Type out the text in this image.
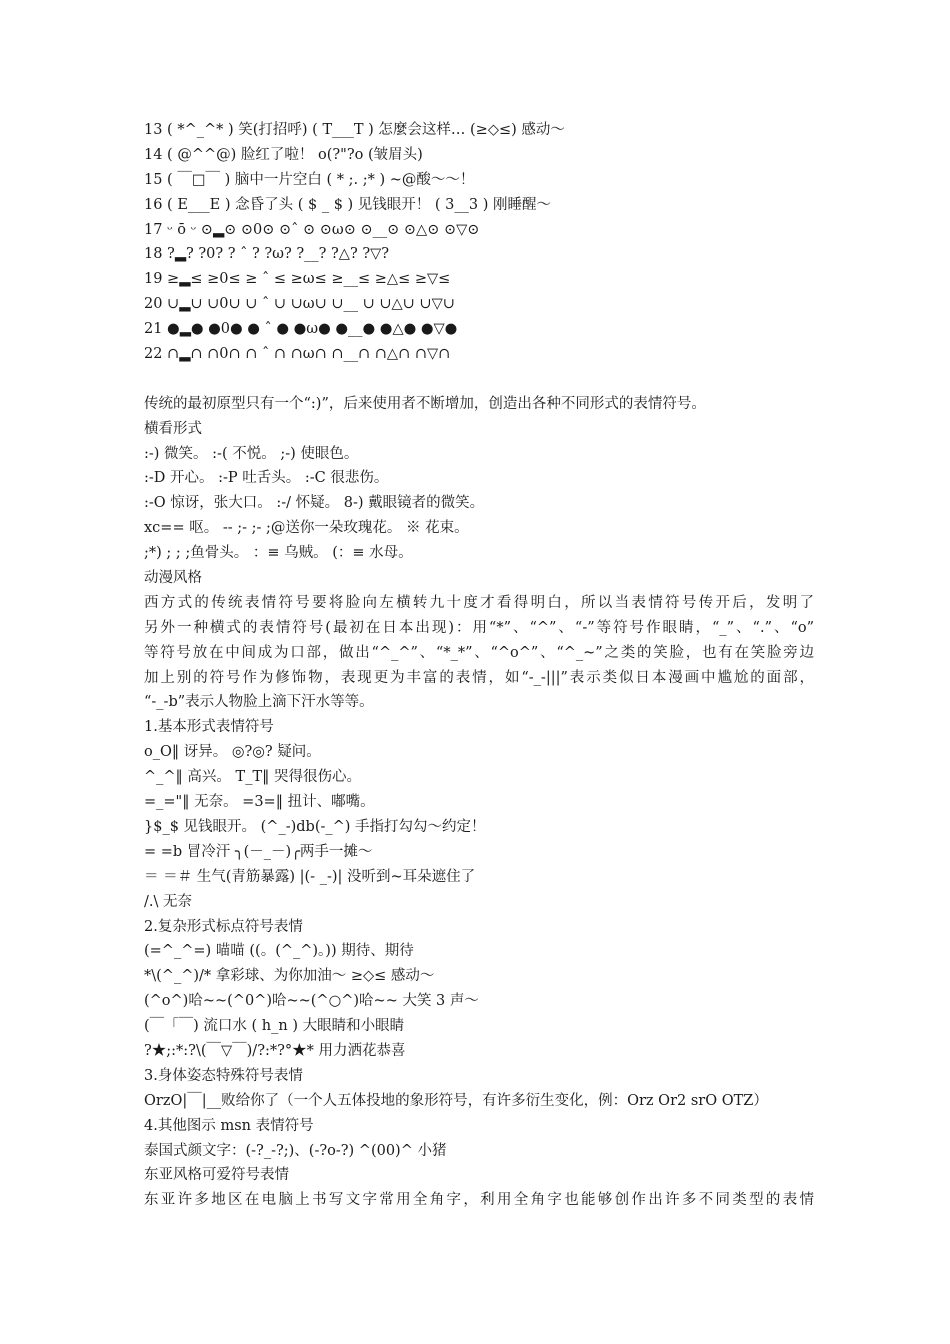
13 ( *^_^* ) 笑(打招呼) ( T___T ) 怎麼会这样… (≥◇≤) 感动～
14 ( @^^@) 脸红了啦！ o(?"?o (皱眉头)
15 ( ￣□￣ ) 脑中一片空白 ( * ;. ;* ) ~@酸～～！
16 ( E___E ) 念昏了头 ( $ _ $ ) 见钱眼开！ ( 3__3 ) 刚睡醒～
17 ᵕ ō ᵕ ⊙▂⊙ ⊙0⊙ ⊙ˆ ⊙ ⊙ω⊙ ⊙__⊙ ⊙△⊙ ⊙▽⊙
18 ?▂? ?0? ? ˆ ? ?ω? ?__? ?△? ?▽?
19 ≥▂≤ ≥0≤ ≥ ˆ ≤ ≥ω≤ ≥__≤ ≥△≤ ≥▽≤
20 ∪▂∪ ∪0∪ ∪ ˆ ∪ ∪ω∪ ∪__ ∪ ∪△∪ ∪▽∪
21 ●▂● ●0● ● ˆ ● ●ω● ●__● ●△● ●▽●
22 ∩▂∩ ∩0∩ ∩ ˆ ∩ ∩ω∩ ∩__∩ ∩△∩ ∩▽∩
传统的最初原型只有一个“:)”，后来使用者不断增加，创造出各种不同形式的表情符号。
横看形式
:-) 微笑。 :-( 不悦。 ;-) 使眼色。
:-D 开心。 :-P 吐舌头。 :-C 很悲伤。
:-O 惊讶，张大口。 :-/ 怀疑。 8-) 戴眼镜者的微笑。
xc== 呕。 -- ;- ;- ;@送你一朵玫瑰花。 ※ 花束。
;*) ; ; ;鱼骨头。 ：≡ 乌贼。 (：≡ 水母。
动漫风格
西方式的传统表情符号要将脸向左横转九十度才看得明白，所以当表情符号传开后，发明了
另外一种横式的表情符号(最初在日本出现)：用“*”、“^”、“-”等符号作眼睛，“_”、“.”、“o”
等符号放在中间成为口部，做出“^_^”、“*_*”、“^o^”、“^_~”之类的笑脸，也有在笑脸旁边
加上别的符号作为修饰物，表现更为丰富的表情，如“-_-|||”表示类似日本漫画中尴尬的面部，
“-_-b”表示人物脸上滴下汗水等等。
1.基本形式表情符号
o_O‖ 讶异。 ◎?◎? 疑问。
^_^‖ 高兴。 T_T‖ 哭得很伤心。
=_="‖ 无奈。 =3=‖ 扭计、嘟嘴。
}$_$ 见钱眼开。 (^_-)db(-_^) 手指打勾勾～约定！
= =b 冒冷汗 ╮(－_－)╭两手一摊～
＝ ＝＃ 生气(青筋暴露) |(- _-)| 没听到~耳朵遮住了
/.\ 无奈
2.复杂形式标点符号表情
(=^_^=) 喵喵 ((。(^_^)。)) 期待、期待
*\(^_^)/* 拿彩球、为你加油～ ≥◇≤ 感动～
(^o^)哈~~(^0^)哈~~(^○^)哈~~ 大笑 3 声～
(￣「￣) 流口水 ( h_n ) 大眼睛和小眼睛
?★;:*:?\(￣▽￣)/?:*?°★* 用力洒花恭喜
3.身体姿态特殊符号表情
OrzO|￣|__败给你了（一个人五体投地的象形符号，有许多衍生变化，例：Orz Or2 srO OTZ）
4.其他图示 msn 表情符号
泰国式颜文字：(-?_-?;)、(-?o-?) ^(00)^ 小猪
东亚风格可爱符号表情
东亚许多地区在电脑上书写文字常用全角字，利用全角字也能够创作出许多不同类型的表情
